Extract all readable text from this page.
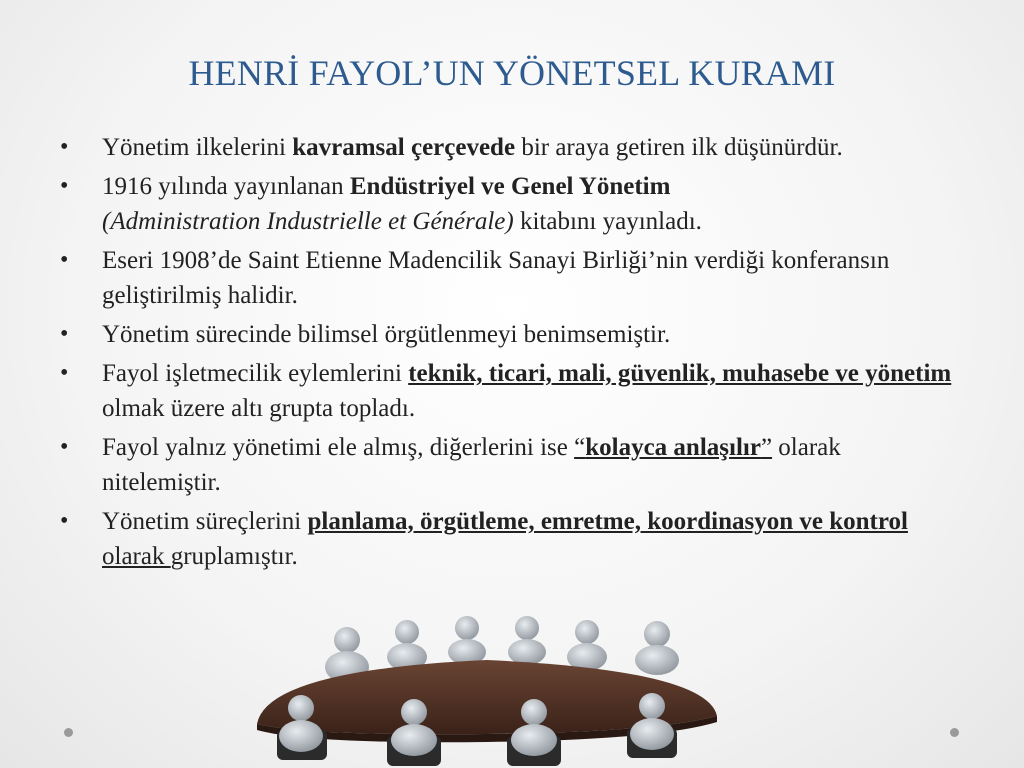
HENRİ FAYOL’UN YÖNETSEL KURAMI
• Yönetim ilkelerini kavramsal çerçevede bir araya getiren ilk düşünürdür.
• 1916 yılında yayınlanan Endüstriyel ve Genel Yönetim
(Administration Industrielle et Générale) kitabını yayınladı.
• Eseri 1908’de Saint Etienne Madencilik Sanayi Birliği’nin verdiği konferansın geliştirilmiş halidir.
• Yönetim sürecinde bilimsel örgütlenmeyi benimsemiştir.
• Fayol işletmecilik eylemlerini teknik, ticari, mali, güvenlik, muhasebe ve yönetim olmak üzere altı grupta topladı.
• Fayol yalnız yönetimi ele almış, diğerlerini ise “kolayca anlaşılır” olarak nitelemiştir.
• Yönetim süreçlerini planlama, örgütleme, emretme, koordinasyon ve kontrol olarak gruplamıştır.
